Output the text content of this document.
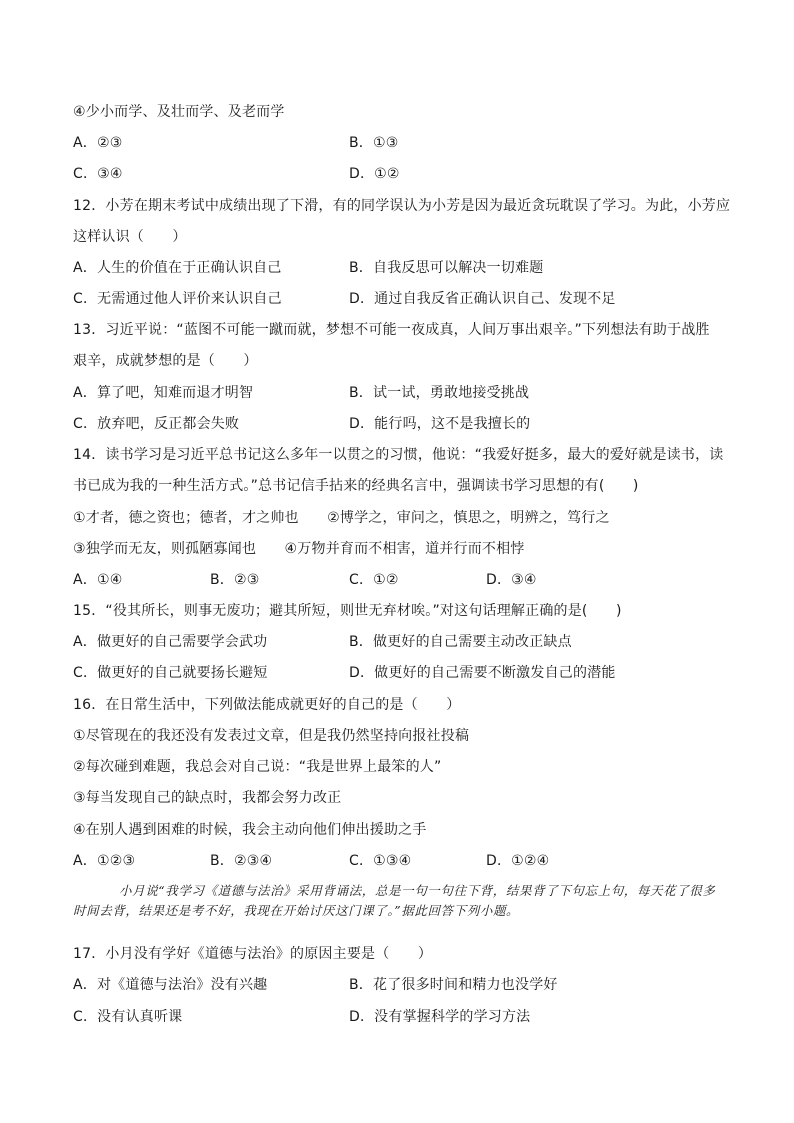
④少小而学、及壮而学、及老而学
A．②③	B．①③
C．③④	D．①②
12．小芳在期末考试中成绩出现了下滑，有的同学误认为小芳是因为最近贪玩耽误了学习。为此，小芳应
这样认识（　　）
A．人生的价值在于正确认识自己	B．自我反思可以解决一切难题
C．无需通过他人评价来认识自己	D．通过自我反省正确认识自己、发现不足
13．习近平说：“蓝图不可能一蹴而就，梦想不可能一夜成真，人间万事出艰辛。”下列想法有助于战胜
艰辛，成就梦想的是（　　）
A．算了吧，知难而退才明智	B．试一试，勇敢地接受挑战
C．放弃吧，反正都会失败	D．能行吗，这不是我擅长的
14．读书学习是习近平总书记这么多年一以贯之的习惯，他说：“我爱好挺多，最大的爱好就是读书，读
书已成为我的一种生活方式。”总书记信手拈来的经典名言中，强调读书学习思想的有(　　)
①才者，德之资也；德者，才之帅也　　②博学之，审问之，慎思之，明辨之，笃行之
③独学而无友，则孤陋寡闻也　　④万物并育而不相害，道并行而不相悖
A．①④	B．②③	C．①②	D．③④
15．“役其所长，则事无废功；避其所短，则世无弃材唉。”对这句话理解正确的是(　　)
A．做更好的自己需要学会武功	B．做更好的自己需要主动改正缺点
C．做更好的自己就要扬长避短	D．做更好的自己需要不断激发自己的潜能
16．在日常生活中，下列做法能成就更好的自己的是（　　）
①尽管现在的我还没有发表过文章，但是我仍然坚持向报社投稿
②每次碰到难题，我总会对自己说：“我是世界上最笨的人”
③每当发现自己的缺点时，我都会努力改正
④在别人遇到困难的时候，我会主动向他们伸出援助之手
A．①②③	B．②③④	C．①③④	D．①②④
小月说“我学习《道德与法治》采用背诵法，总是一句一句往下背，结果背了下句忘上句，每天花了很多时间去背，结果还是考不好，我现在开始讨厌这门课了。”据此回答下列小题。
17．小月没有学好《道德与法治》的原因主要是（　　）
A．对《道德与法治》没有兴趣	B．花了很多时间和精力也没学好
C．没有认真听课	D．没有掌握科学的学习方法
